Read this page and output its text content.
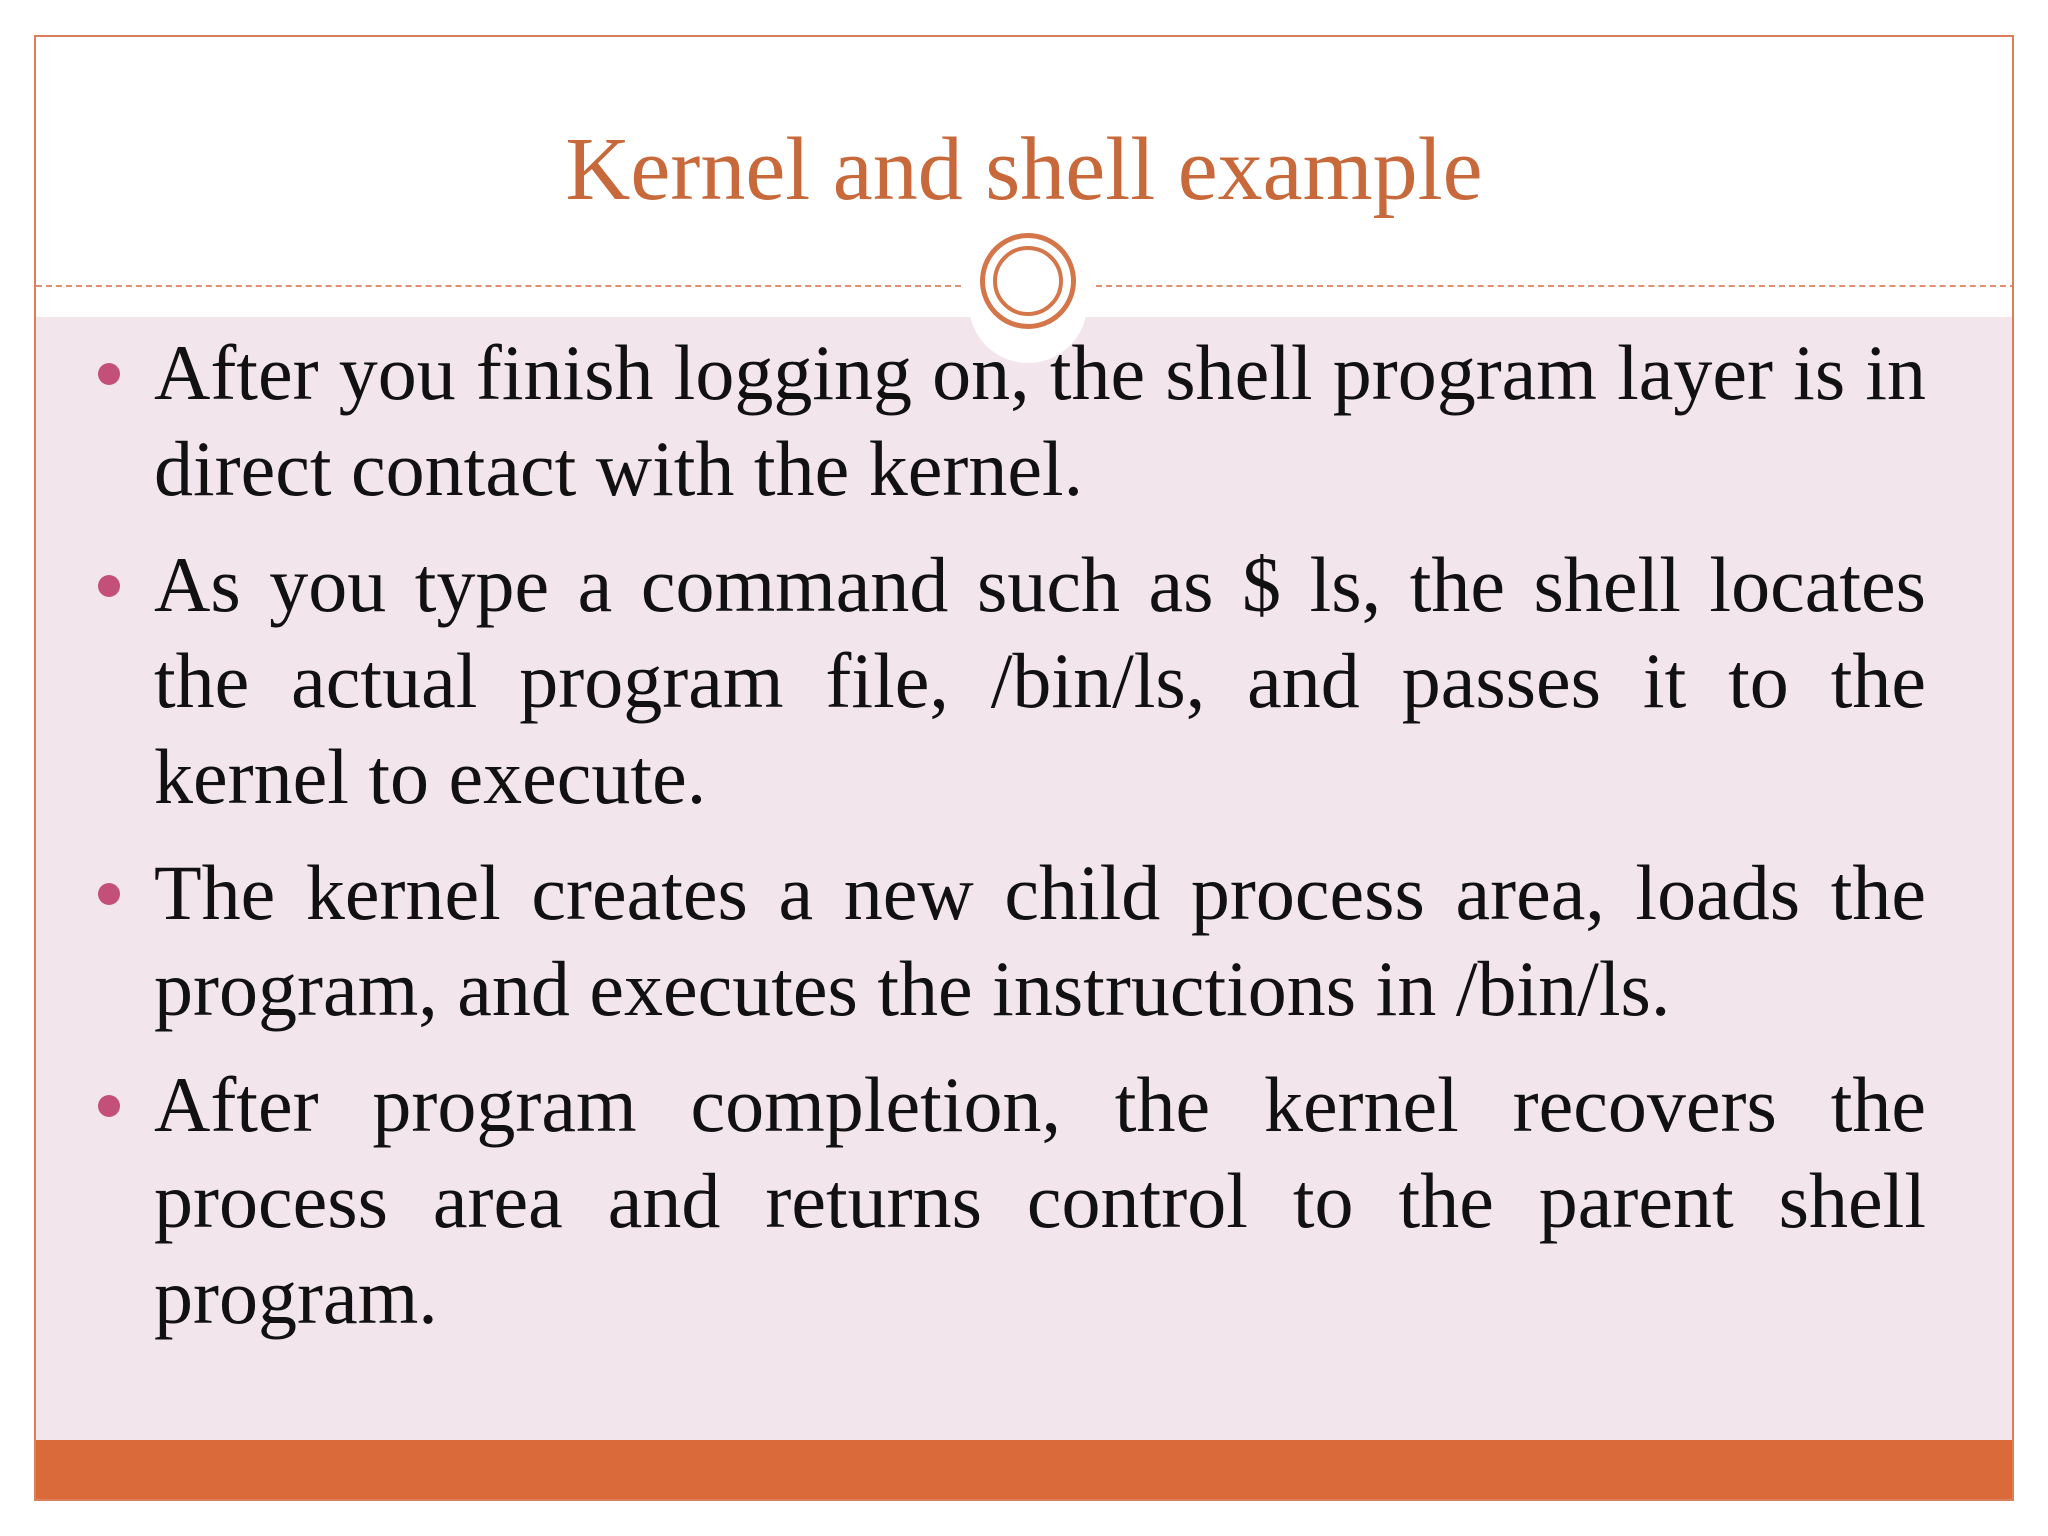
Kernel and shell example
After you finish logging on, the shell program layer is in direct contact with the kernel.
As you type a command such as $ ls, the shell locates the actual program file, /bin/ls, and passes it to the kernel to execute.
The kernel creates a new child process area, loads the program, and executes the instructions in /bin/ls.
After program completion, the kernel recovers the process area and returns control to the parent shell program.
